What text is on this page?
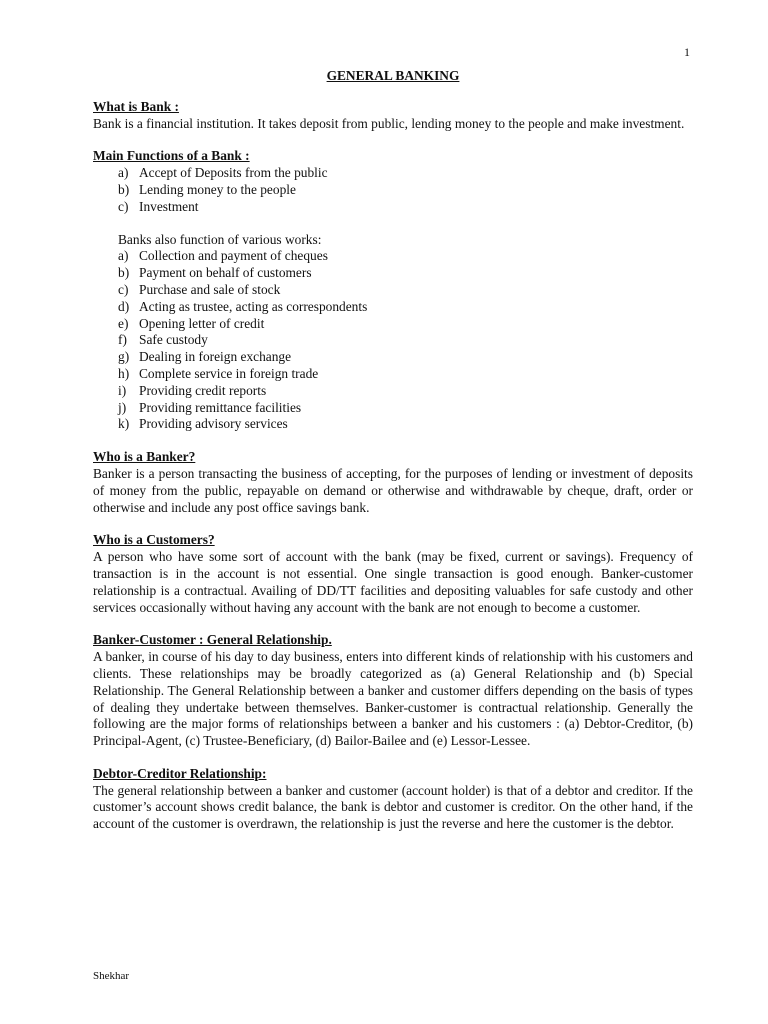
1
GENERAL BANKING
What is Bank :

Bank is a financial institution. It takes deposit from public, lending money to the people and make investment.

Main Functions of a Bank :
a) Accept of Deposits from the public
b) Lending money to the people
c) Investment

Banks also function of various works:

a) Collection and payment of cheques
b) Payment on behalf of customers
c) Purchase and sale of stock
d) Acting as trustee, acting as correspondents
e) Opening letter of credit
f) Safe custody
g) Dealing in foreign exchange
h) Complete service in foreign trade
i) Providing credit reports
j) Providing remittance facilities
k) Providing advisory services
Who is a Banker?

Banker is a person transacting the business of accepting, for the purposes of lending or investment of deposits of money from the public, repayable on demand or otherwise and withdrawable by cheque, draft, order or otherwise and include any post office savings bank.

Who is a Customers?

A person who have some sort of account with the bank (may be fixed, current or savings). Frequency of transaction is in the account is not essential. One single transaction is good enough. Banker-customer relationship is a contractual. Availing of DD/TT facilities and depositing valuables for safe custody and other services occasionally without having any account with the bank are not enough to become a customer.

Banker-Customer : General Relationship.

A banker, in course of his day to day business, enters into different kinds of relationship with his customers and clients. These relationships may be broadly categorized as (a) General Relationship and (b) Special Relationship. The General Relationship between a banker and customer differs depending on the basis of types of dealing they undertake between themselves. Banker-customer is contractual relationship. Generally the following are the major forms of relationships between a banker and his customers : (a) Debtor-Creditor, (b) Principal-Agent, (c) Trustee-Beneficiary, (d) Bailor-Bailee and (e) Lessor-Lessee.

Debtor-Creditor Relationship:

The general relationship between a banker and customer (account holder) is that of a debtor and creditor. If the customer’s account shows credit balance, the bank is debtor and customer is creditor. On the other hand, if the account of the customer is overdrawn, the relationship is just the reverse and here the customer is the debtor.

Shekhar
